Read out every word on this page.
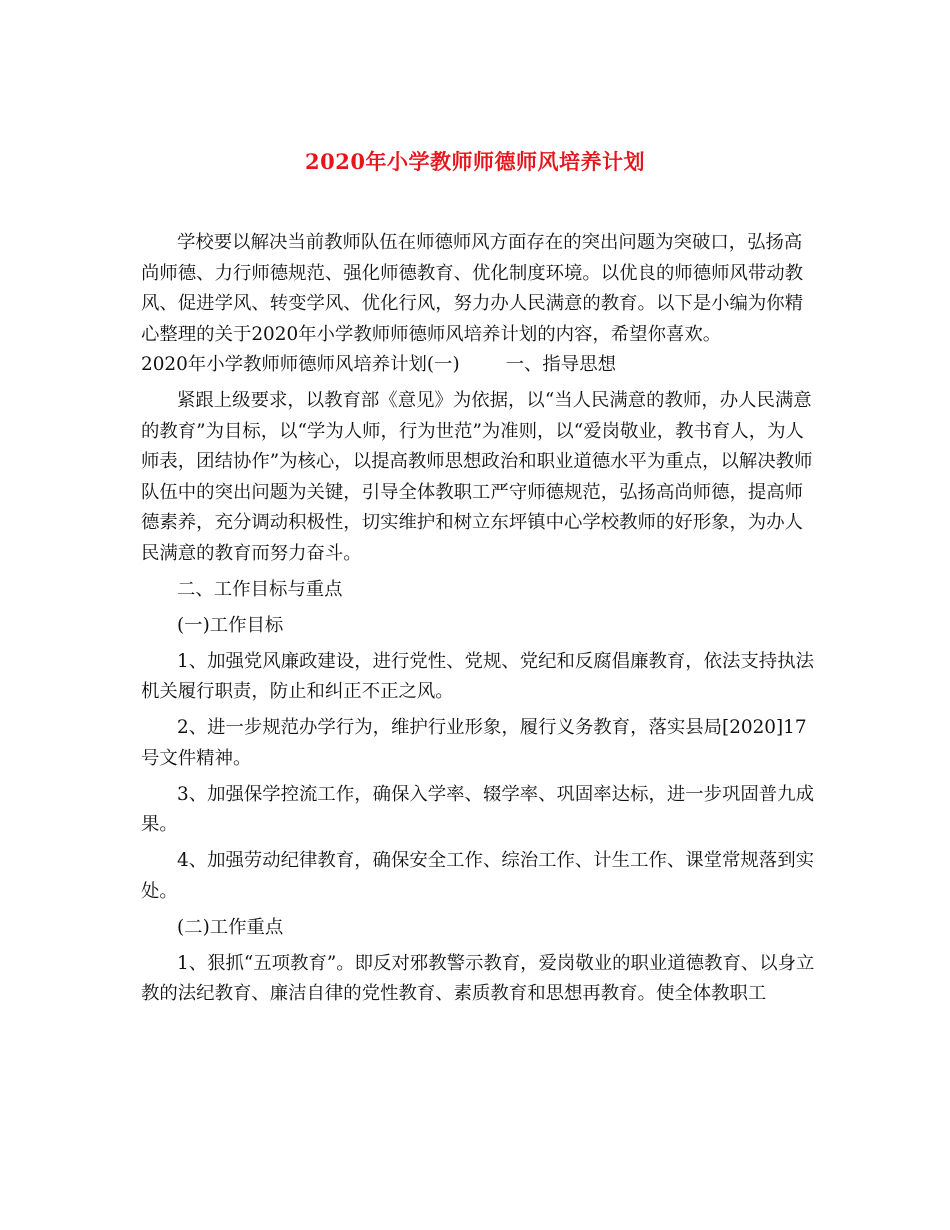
2020年小学教师师德师风培养计划

学校要以解决当前教师队伍在师德师风方面存在的突出问题为突破口，弘扬高尚师德、力行师德规范、强化师德教育、优化制度环境。以优良的师德师风带动教风、促进学风、转变学风、优化行风，努力办人民满意的教育。以下是小编为你精心整理的关于2020年小学教师师德师风培养计划的内容，希望你喜欢。

2020年小学教师师德师风培养计划(一)	一、指导思想

紧跟上级要求，以教育部《意见》为依据，以“当人民满意的教师，办人民满意的教育”为目标，以“学为人师，行为世范”为准则，以“爱岗敬业，教书育人，为人师表，团结协作”为核心，以提高教师思想政治和职业道德水平为重点，以解决教师队伍中的突出问题为关键，引导全体教职工严守师德规范，弘扬高尚师德，提高师德素养，充分调动积极性，切实维护和树立东坪镇中心学校教师的好形象，为办人民满意的教育而努力奋斗。

二、工作目标与重点

(一)工作目标

1、加强党风廉政建设，进行党性、党规、党纪和反腐倡廉教育，依法支持执法机关履行职责，防止和纠正不正之风。

2、进一步规范办学行为，维护行业形象，履行义务教育，落实县局[2020]17号文件精神。

3、加强保学控流工作，确保入学率、辍学率、巩固率达标，进一步巩固普九成果。

4、加强劳动纪律教育，确保安全工作、综治工作、计生工作、课堂常规落到实处。

(二)工作重点

1、狠抓“五项教育”。即反对邪教警示教育，爱岗敬业的职业道德教育、以身立教的法纪教育、廉洁自律的党性教育、素质教育和思想再教育。使全体教职工
